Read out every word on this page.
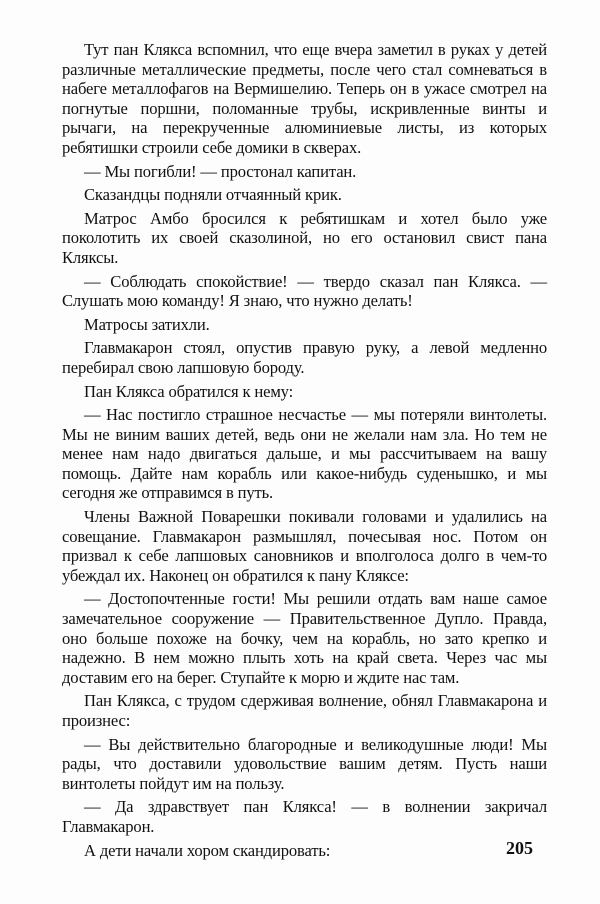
Тут пан Клякса вспомнил, что еще вчера заметил в руках у детей различные металлические предметы, после чего стал сомневаться в набеге металлофагов на Вермишелию. Теперь он в ужасе смотрел на погнутые поршни, поломанные трубы, искривленные винты и рычаги, на перекрученные алюминиевые листы, из которых ребятишки строили себе домики в скверах.

— Мы погибли! — простонал капитан.

Сказандцы подняли отчаянный крик.

Матрос Амбо бросился к ребятишкам и хотел было уже поколотить их своей сказолиной, но его остановил свист пана Кляксы.

— Соблюдать спокойствие! — твердо сказал пан Клякса. — Слушать мою команду! Я знаю, что нужно делать!

Матросы затихли.

Главмакарон стоял, опустив правую руку, а левой медленно перебирал свою лапшовую бороду.

Пан Клякса обратился к нему:

— Нас постигло страшное несчастье — мы потеряли винтолеты. Мы не виним ваших детей, ведь они не желали нам зла. Но тем не менее нам надо двигаться дальше, и мы рассчитываем на вашу помощь. Дайте нам корабль или какое-нибудь суденышко, и мы сегодня же отправимся в путь.

Члены Важной Поварешки покивали головами и удалились на совещание. Главмакарон размышлял, почесывая нос. Потом он призвал к себе лапшовых сановников и вполголоса долго в чем-то убеждал их. Наконец он обратился к пану Кляксе:

— Достопочтенные гости! Мы решили отдать вам наше самое замечательное сооружение — Правительственное Дупло. Правда, оно больше похоже на бочку, чем на корабль, но зато крепко и надежно. В нем можно плыть хоть на край света. Через час мы доставим его на берег. Ступайте к морю и ждите нас там.

Пан Клякса, с трудом сдерживая волнение, обнял Главмакарона и произнес:

— Вы действительно благородные и великодушные люди! Мы рады, что доставили удовольствие вашим детям. Пусть наши винтолеты пойдут им на пользу.

— Да здравствует пан Клякса! — в волнении закричал Главмакарон.

А дети начали хором скандировать:	205
